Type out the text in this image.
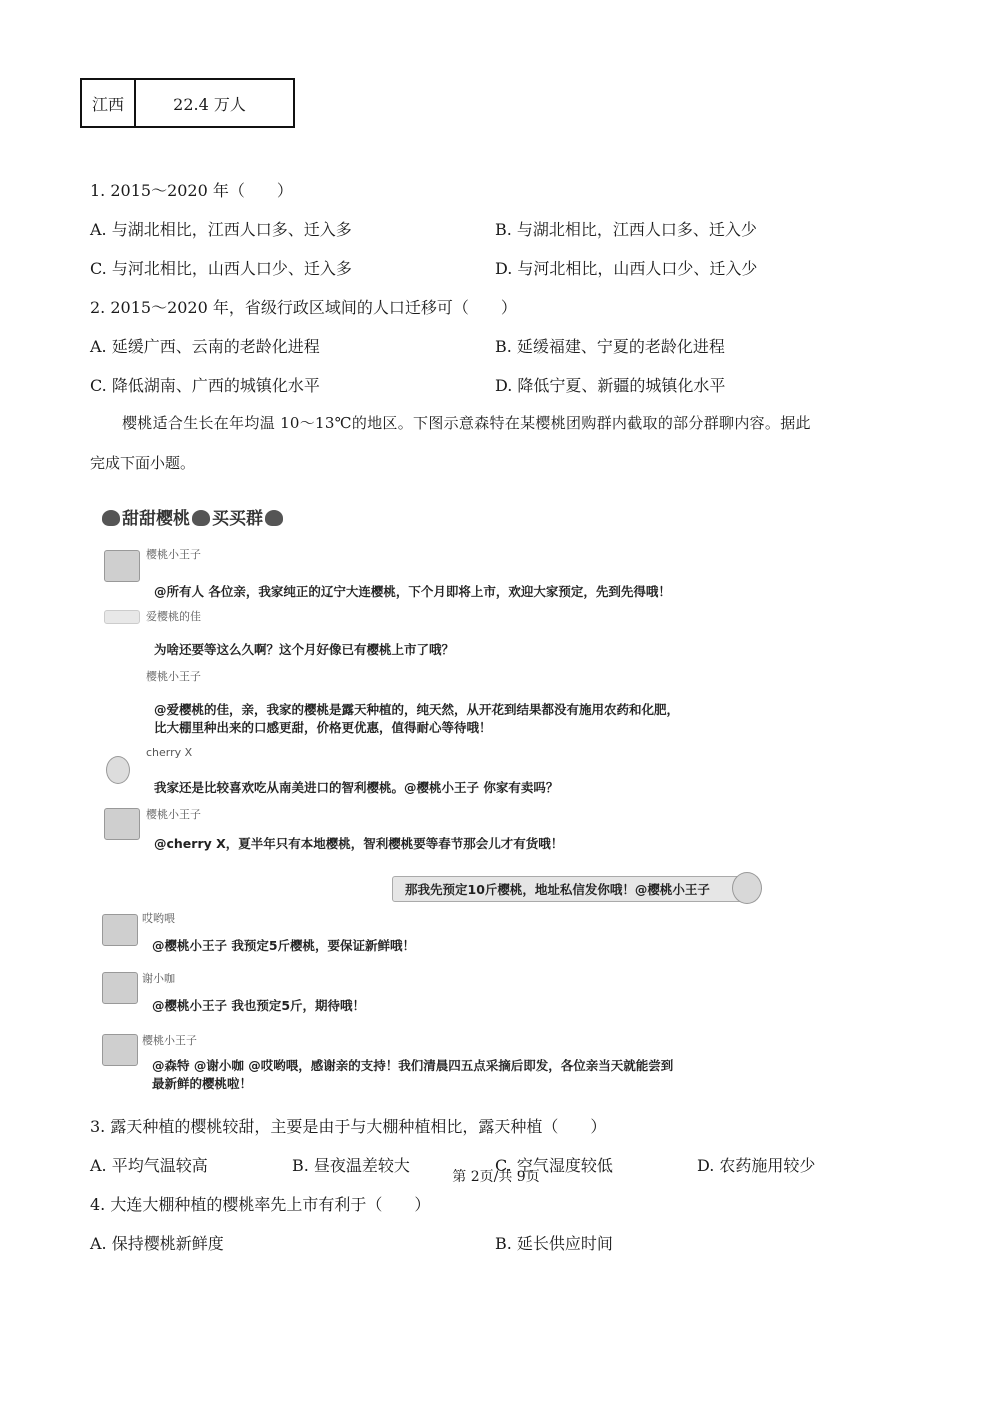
江西	22.4 万人
1. 2015～2020 年（　　）
A. 与湖北相比，江西人口多、迁入多	B. 与湖北相比，江西人口多、迁入少
C. 与河北相比，山西人口少、迁入多	D. 与河北相比，山西人口少、迁入少
2. 2015～2020 年，省级行政区域间的人口迁移可（　　）
A. 延缓广西、云南的老龄化进程	B. 延缓福建、宁夏的老龄化进程
C. 降低湖南、广西的城镇化水平	D. 降低宁夏、新疆的城镇化水平
樱桃适合生长在年均温 10～13℃的地区。下图示意森特在某樱桃团购群内截取的部分群聊内容。据此
完成下面小题。
甜甜樱桃 买买群
樱桃小王子
@所有人 各位亲，我家纯正的辽宁大连樱桃，下个月即将上市，欢迎大家预定，先到先得哦！
爱樱桃的佳
为啥还要等这么久啊？这个月好像已有樱桃上市了哦？
樱桃小王子
@爱樱桃的佳，亲，我家的樱桃是露天种植的，纯天然，从开花到结果都没有施用农药和化肥，
比大棚里种出来的口感更甜，价格更优惠，值得耐心等待哦！
cherry X
我家还是比较喜欢吃从南美进口的智利樱桃。@樱桃小王子 你家有卖吗？
樱桃小王子
@cherry X，夏半年只有本地樱桃，智利樱桃要等春节那会儿才有货哦！
那我先预定10斤樱桃，地址私信发你哦！@樱桃小王子
哎哟喂
@樱桃小王子 我预定5斤樱桃，要保证新鲜哦！
谢小咖
@樱桃小王子 我也预定5斤，期待哦！
樱桃小王子
@森特 @谢小咖 @哎哟喂，感谢亲的支持！我们清晨四五点采摘后即发，各位亲当天就能尝到
最新鲜的樱桃啦！
3. 露天种植的樱桃较甜，主要是由于与大棚种植相比，露天种植（　　）
A. 平均气温较高	B. 昼夜温差较大	C. 空气湿度较低	D. 农药施用较少
4. 大连大棚种植的樱桃率先上市有利于（　　）
A. 保持樱桃新鲜度	B. 延长供应时间
第 2页/共 9页
